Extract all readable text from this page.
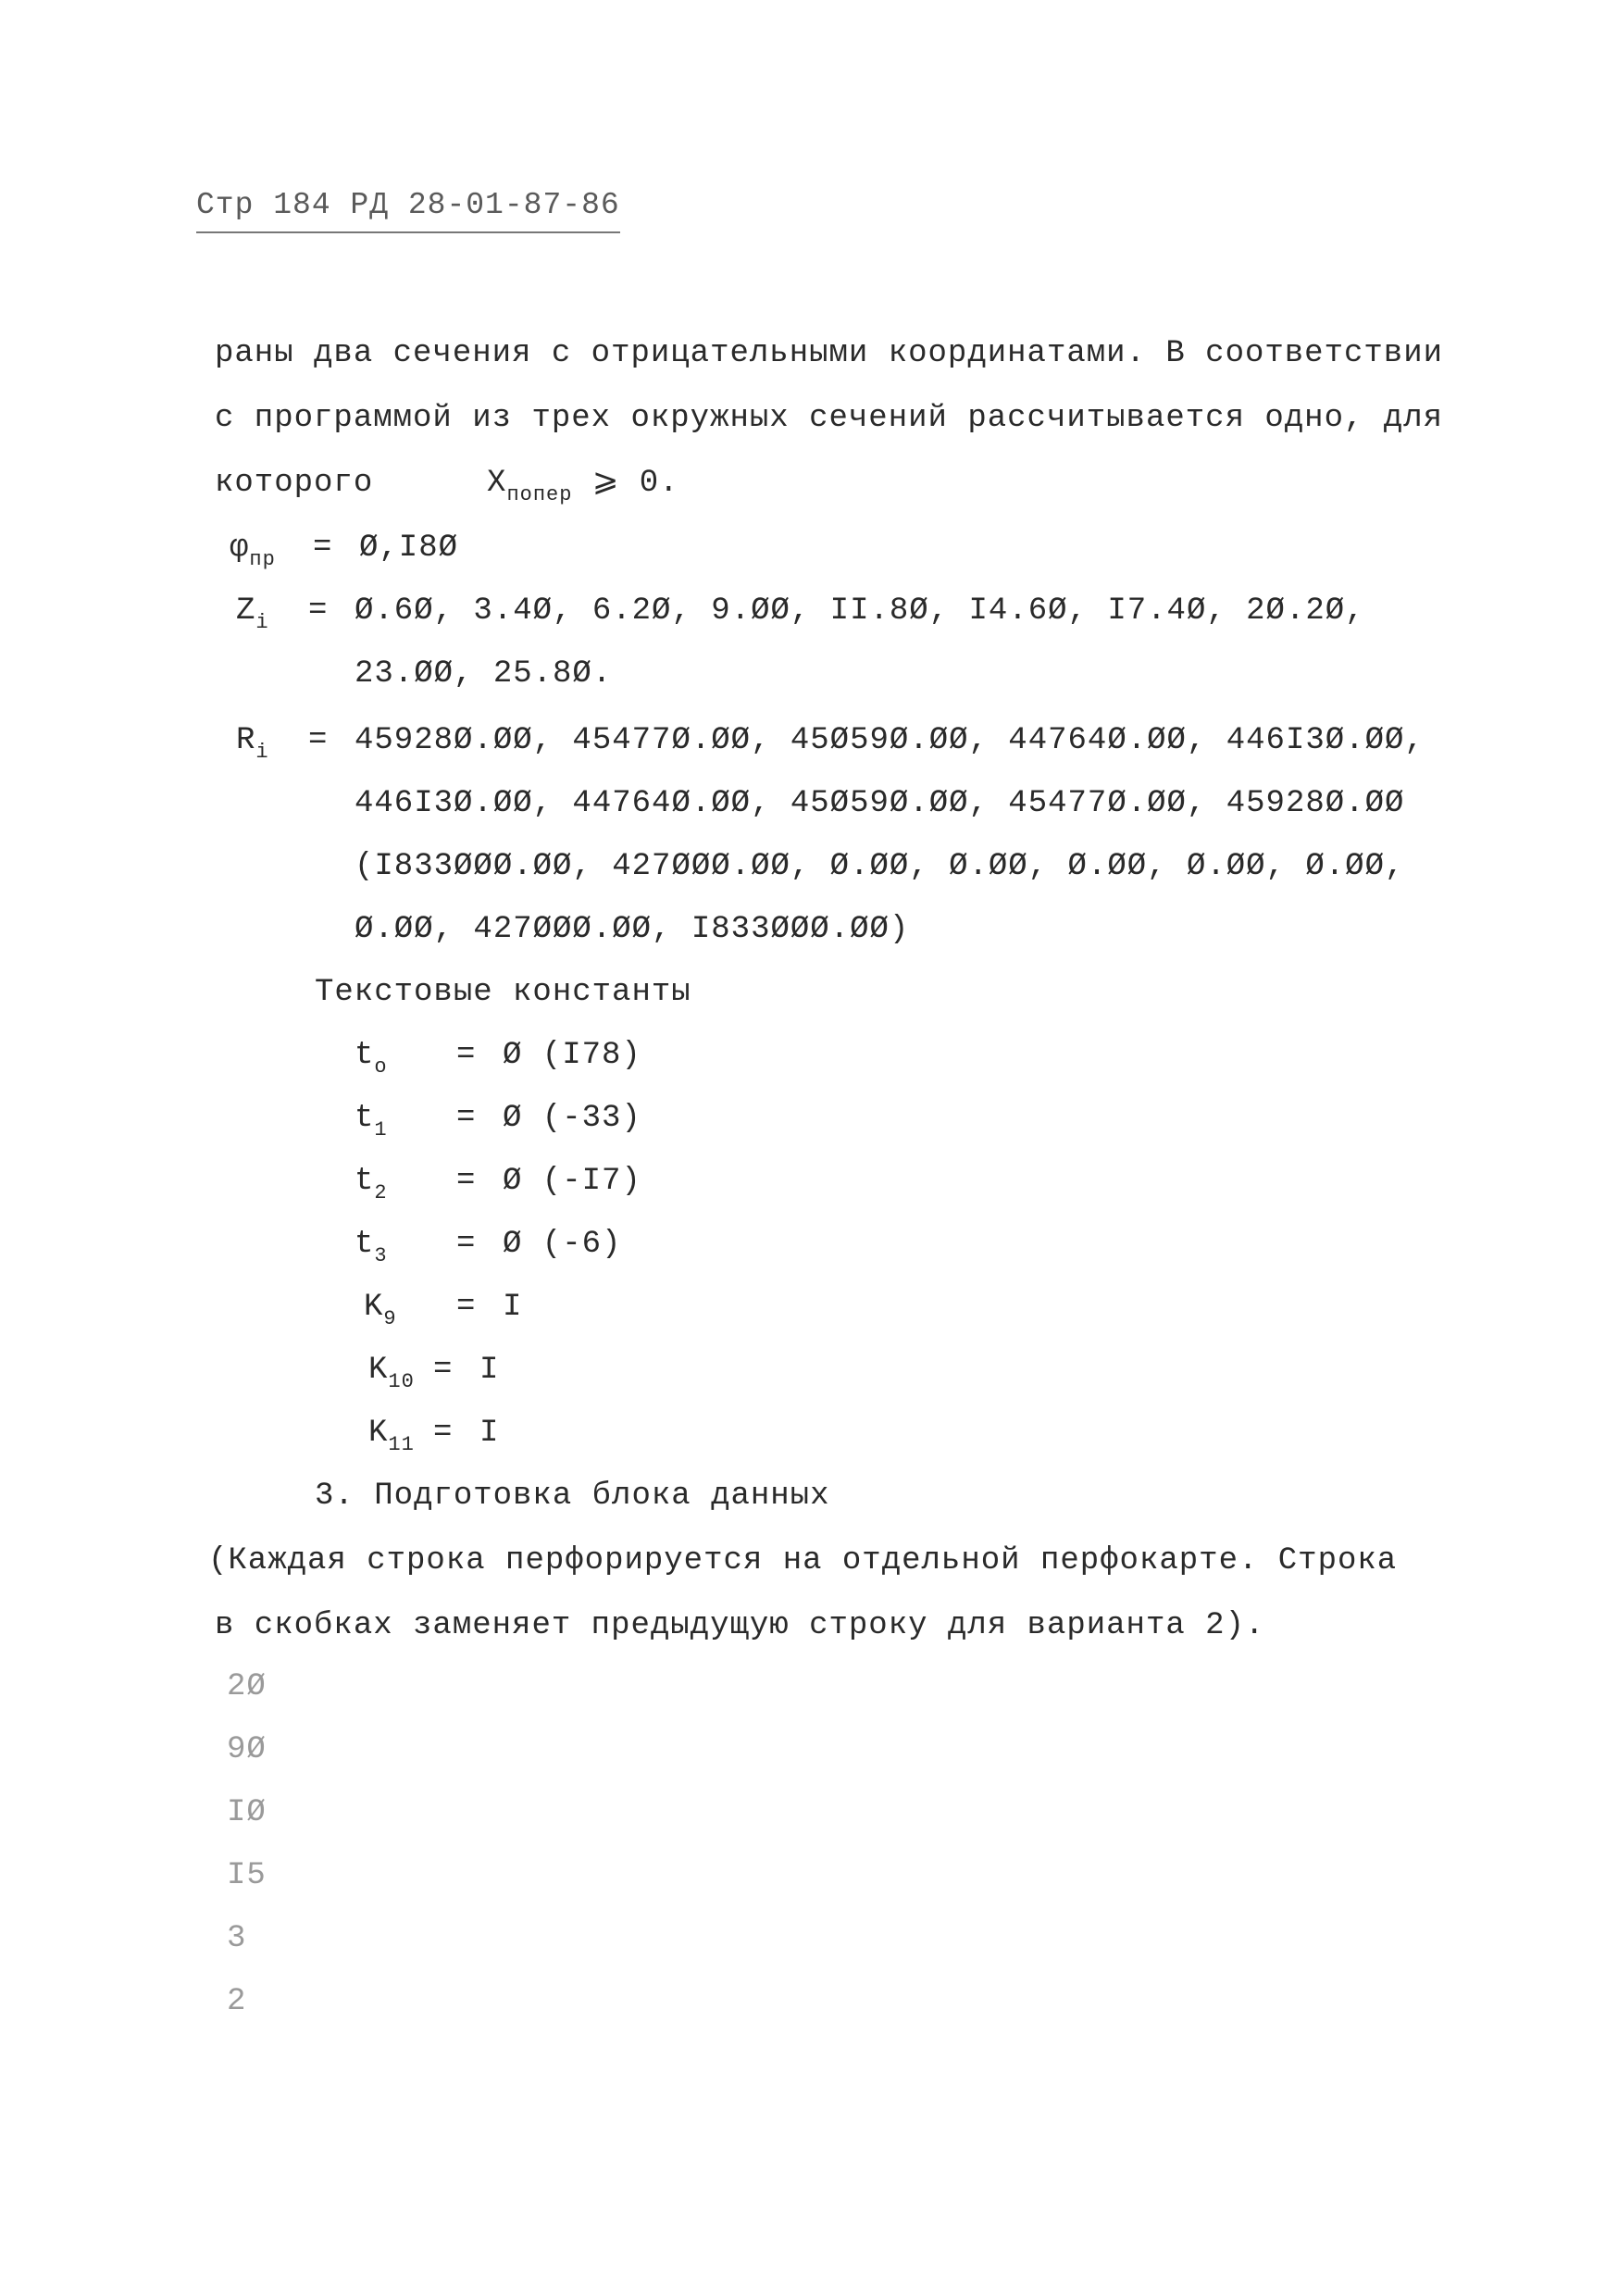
Стр 184 РД 28-01-87-86
раны два сечения с отрицательными координатами. В соответствии
с программой из трех окружных сечений рассчитывается одно, для
которого	$X_{попер}$ ⩾ 0.
$\varphi_{пр}$ = Ø,I8Ø
$Z_i$ = Ø.6Ø, 3.4Ø, 6.2Ø, 9.ØØ, II.8Ø, I4.6Ø, I7.4Ø, 2Ø.2Ø,
23.ØØ, 25.8Ø.
$R_i$ = 45928Ø.ØØ, 45477Ø.ØØ, 45Ø59Ø.ØØ, 44764Ø.ØØ, 446I3Ø.ØØ,
446I3Ø.ØØ, 44764Ø.ØØ, 45Ø59Ø.ØØ, 45477Ø.ØØ, 45928Ø.ØØ
(I833ØØØ.ØØ, 427ØØØ.ØØ, Ø.ØØ, Ø.ØØ, Ø.ØØ, Ø.ØØ, Ø.ØØ,
Ø.ØØ, 427ØØØ.ØØ, I833ØØØ.ØØ)
Текстовые константы
$t_o$ = Ø (I78)
$t_1$ = Ø (-33)
$t_2$ = Ø (-I7)
$t_3$ = Ø (-6)
$K_9 = I$
$K_{10} = I$
$K_{11} = I$
3. Подготовка блока данных
(Каждая строка перфорируется на отдельной перфокарте. Строка
в скобках заменяет предыдущую строку для варианта 2).
2Ø
9Ø
IØ
I5
3
2
